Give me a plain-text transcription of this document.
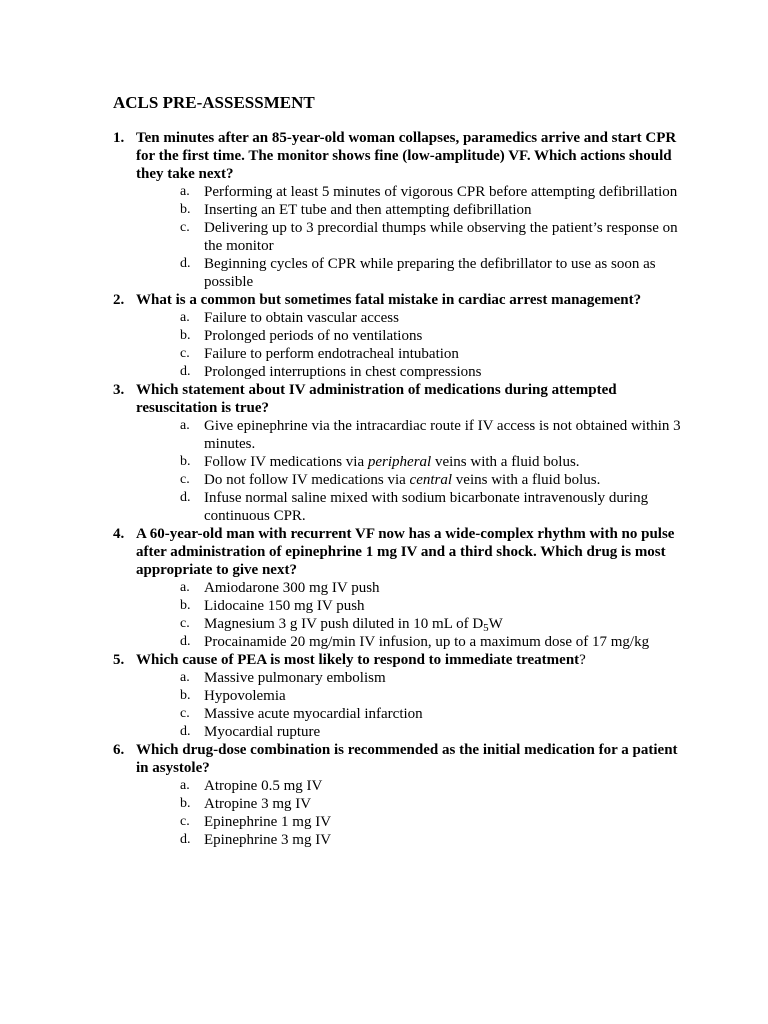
ACLS PRE-ASSESSMENT
1. Ten minutes after an 85-year-old woman collapses, paramedics arrive and start CPR for the first time. The monitor shows fine (low-amplitude) VF. Which actions should they take next?
a. Performing at least 5 minutes of vigorous CPR before attempting defibrillation
b. Inserting an ET tube and then attempting defibrillation
c. Delivering up to 3 precordial thumps while observing the patient’s response on the monitor
d. Beginning cycles of CPR while preparing the defibrillator to use as soon as possible
2. What is a common but sometimes fatal mistake in cardiac arrest management?
a. Failure to obtain vascular access
b. Prolonged periods of no ventilations
c. Failure to perform endotracheal intubation
d. Prolonged interruptions in chest compressions
3. Which statement about IV administration of medications during attempted resuscitation is true?
a. Give epinephrine via the intracardiac route if IV access is not obtained within 3 minutes.
b. Follow IV medications via peripheral veins with a fluid bolus.
c. Do not follow IV medications via central veins with a fluid bolus.
d. Infuse normal saline mixed with sodium bicarbonate intravenously during continuous CPR.
4. A 60-year-old man with recurrent VF now has a wide-complex rhythm with no pulse after administration of epinephrine 1 mg IV and a third shock. Which drug is most appropriate to give next?
a. Amiodarone 300 mg IV push
b. Lidocaine 150 mg IV push
c. Magnesium 3 g IV push diluted in 10 mL of $D_5W$
d. Procainamide 20 mg/min IV infusion, up to a maximum dose of 17 mg/kg
5. Which cause of PEA is most likely to respond to immediate treatment?
a. Massive pulmonary embolism
b. Hypovolemia
c. Massive acute myocardial infarction
d. Myocardial rupture
6. Which drug-dose combination is recommended as the initial medication for a patient in asystole?
a. Atropine 0.5 mg IV
b. Atropine 3 mg IV
c. Epinephrine 1 mg IV
d. Epinephrine 3 mg IV
